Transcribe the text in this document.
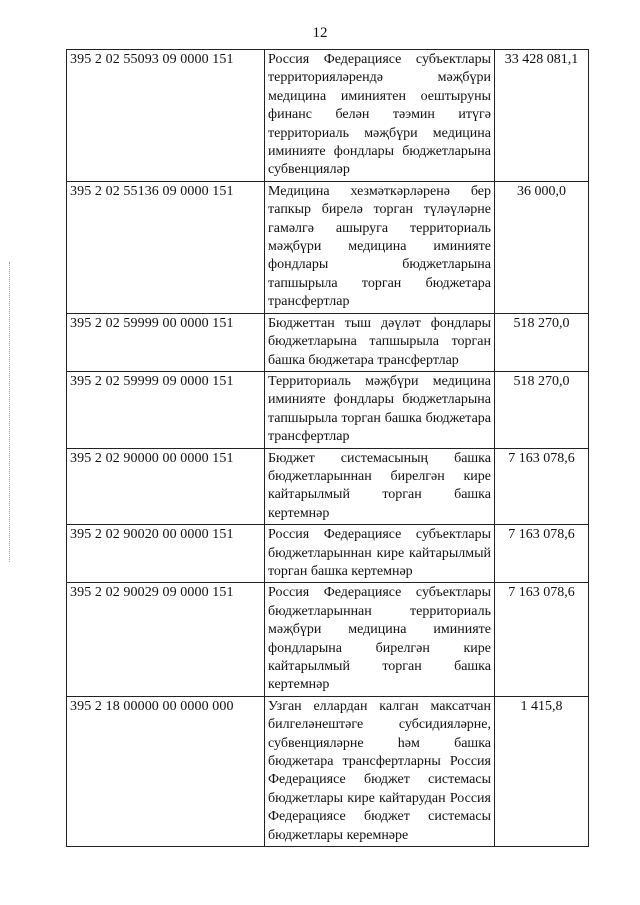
12
395 2 02 55093 09 0000 151	Россия Федерациясе субъектлары территорияләрендә мәҗбүри медицина иминиятен оештыруны финанс белән тәэмин итүгә территориаль мәҗбүри медицина иминияте фондлары бюджетларына субвенцияләр	33 428 081,1
395 2 02 55136 09 0000 151	Медицина хезмәткәрләренә бер тапкыр бирелә торган түләүләрне гамәлгә ашыруга территориаль мәҗбүри медицина иминияте фондлары бюджетларына тапшырыла торган бюджетара трансфертлар	36 000,0
395 2 02 59999 00 0000 151	Бюджеттан тыш дәүләт фондлары бюджетларына тапшырыла торган башка бюджетара трансфертлар	518 270,0
395 2 02 59999 09 0000 151	Территориаль мәҗбүри медицина иминияте фондлары бюджетларына тапшырыла торган башка бюджетара трансфертлар	518 270,0
395 2 02 90000 00 0000 151	Бюджет системасының башка бюджетларыннан бирелгән кире кайтарылмый торган башка кертемнәр	7 163 078,6
395 2 02 90020 00 0000 151	Россия Федерациясе субъектлары бюджетларыннан кире кайтарылмый торган башка кертемнәр	7 163 078,6
395 2 02 90029 09 0000 151	Россия Федерациясе субъектлары бюджетларыннан территориаль мәҗбүри медицина иминияте фондларына бирелгән кире кайтарылмый торган башка кертемнәр	7 163 078,6
395 2 18 00000 00 0000 000	Узган еллардан калган максатчан билгеләнештәге субсидияләрне, субвенцияләрне һәм башка бюджетара трансфертларны Россия Федерациясе бюджет системасы бюджетлары кире кайтарудан Россия Федерациясе бюджет системасы бюджетлары керемнәре	1 415,8
